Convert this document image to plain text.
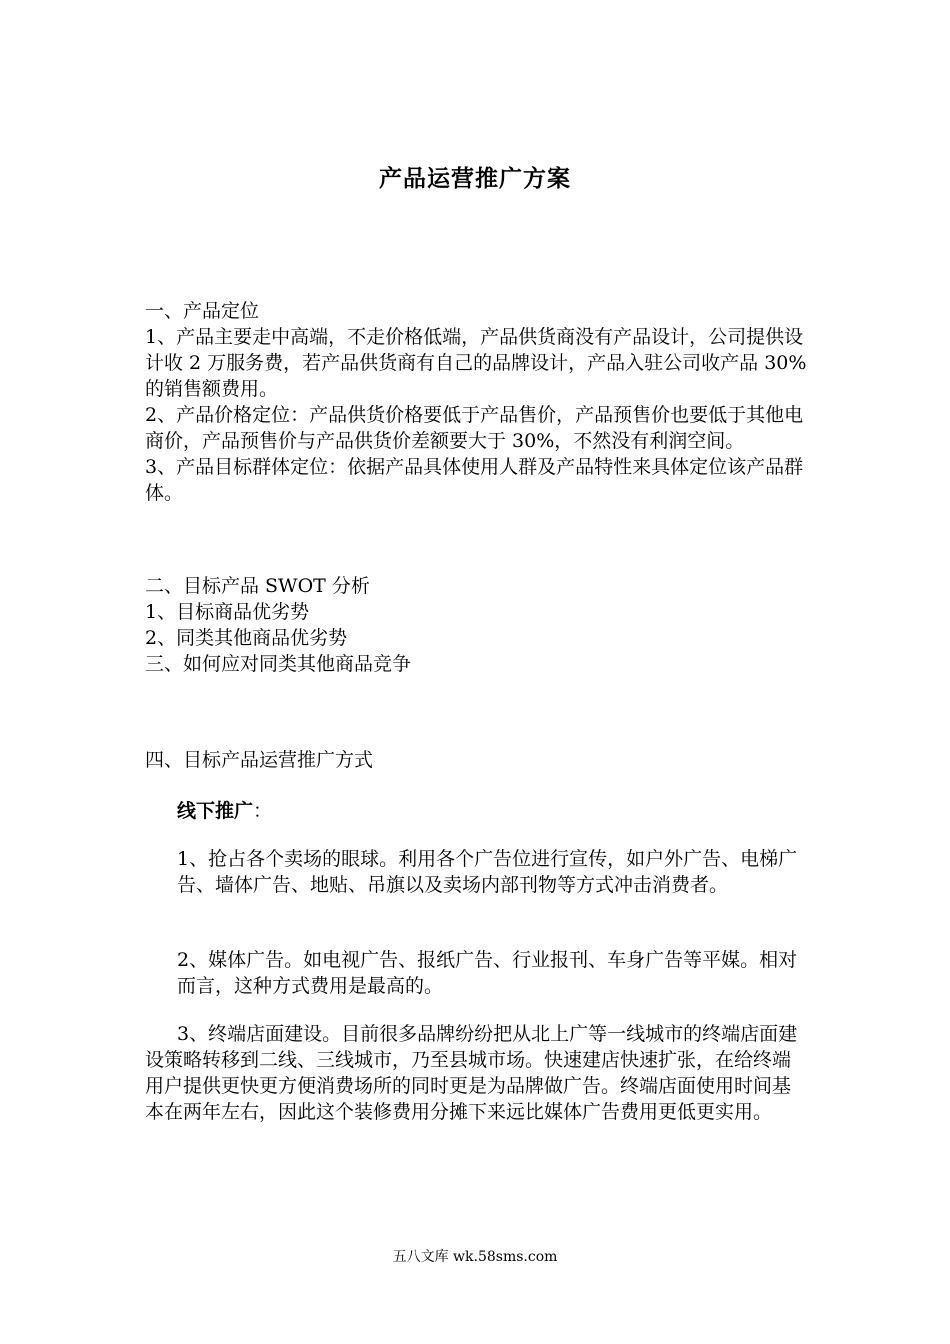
产品运营推广方案

一、产品定位

1、产品主要走中高端，不走价格低端，产品供货商没有产品设计，公司提供设计收 2 万服务费，若产品供货商有自己的品牌设计，产品入驻公司收产品 30%的销售额费用。

2、产品价格定位：产品供货价格要低于产品售价，产品预售价也要低于其他电商价，产品预售价与产品供货价差额要大于 30%，不然没有利润空间。

3、产品目标群体定位：依据产品具体使用人群及产品特性来具体定位该产品群体。

二、目标产品 SWOT 分析

1、目标商品优劣势

2、同类其他商品优劣势

三、如何应对同类其他商品竞争

四、目标产品运营推广方式

线下推广：

1、抢占各个卖场的眼球。利用各个广告位进行宣传，如户外广告、电梯广告、墙体广告、地贴、吊旗以及卖场内部刊物等方式冲击消费者。

2、媒体广告。如电视广告、报纸广告、行业报刊、车身广告等平媒。相对而言，这种方式费用是最高的。

3、终端店面建设。目前很多品牌纷纷把从北上广等一线城市的终端店面建设策略转移到二线、三线城市，乃至县城市场。快速建店快速扩张，在给终端用户提供更快更方便消费场所的同时更是为品牌做广告。终端店面使用时间基本在两年左右，因此这个装修费用分摊下来远比媒体广告费用更低更实用。

五八文库 wk.58sms.com
